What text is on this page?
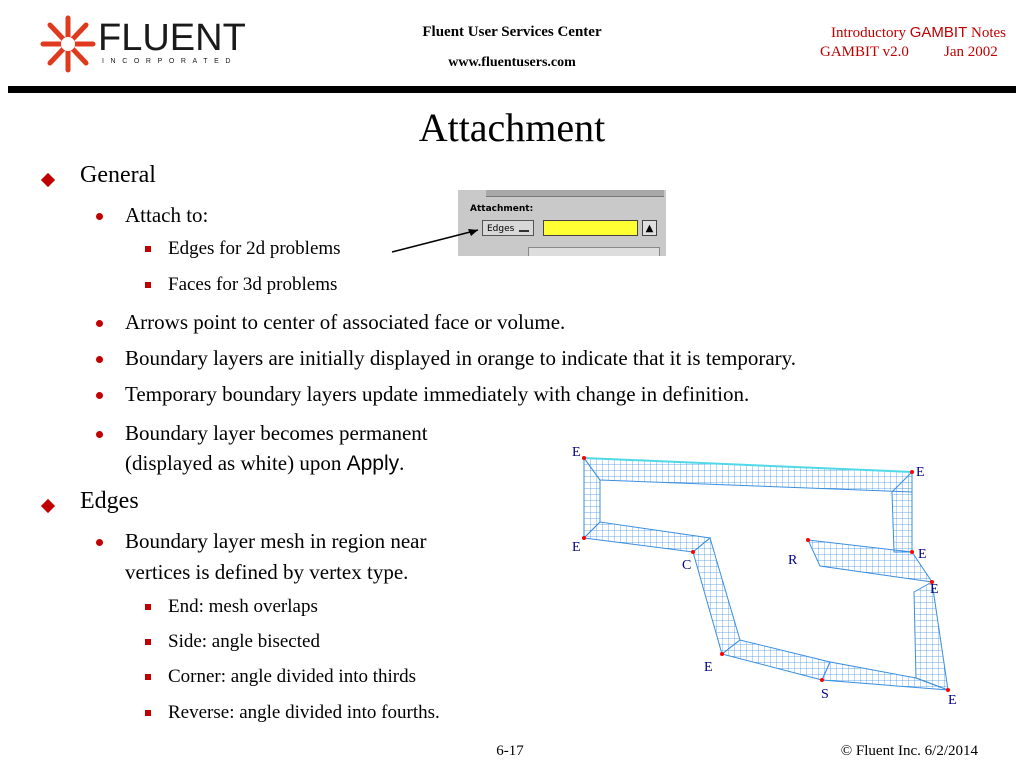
FLUENT
INCORPORATED
Fluent User Services Center
www.fluentusers.com
Introductory GAMBIT Notes
GAMBIT v2.0 Jan 2002
Attachment
General
Attach to:
Edges for 2d problems
Faces for 3d problems
Arrows point to center of associated face or volume.
Boundary layers are initially displayed in orange to indicate that it is temporary.
Temporary boundary layers update immediately with change in definition.
Boundary layer becomes permanent
(displayed as white) upon Apply.
Edges
Boundary layer mesh in region near
vertices is defined by vertex type.
End: mesh overlaps
Side: angle bisected
Corner: angle divided into thirds
Reverse: angle divided into fourths.
Attachment:
Edges	▲
E
E
E	E
C	R
E
E
S	E
6-17	© Fluent Inc. 6/2/2014
